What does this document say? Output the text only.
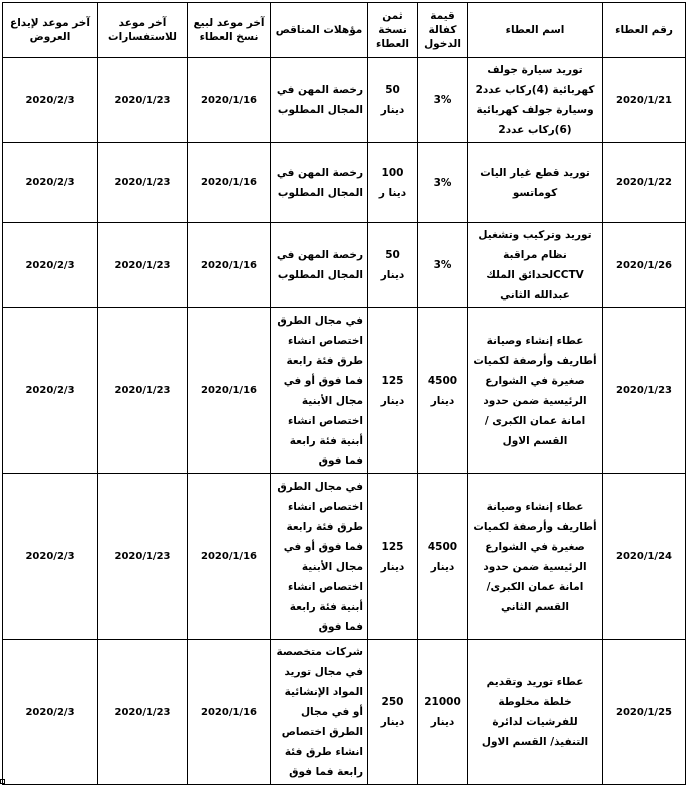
رقم العطاء	اسم العطاء	قيمة كفالة الدخول	ثمن نسخة العطاء	مؤهلات المناقص	آخر موعد لبيع نسخ العطاء	آخر موعد للاستفسارات	آخر موعد لإيداع العروض
2020/1/21	توريد سيارة جولف كهربائية (4)ركاب عدد2 وسيارة جولف كهربائية (6)ركاب عدد2	3%	50 دينار	رخصة المهن في المجال المطلوب	2020/1/16	2020/1/23	2020/2/3
2020/1/22	توريد قطع غيار اليات كوماتسو	3%	100 دينا ر	رخصة المهن في المجال المطلوب	2020/1/16	2020/1/23	2020/2/3
2020/1/26	توريد وتركيب وتشغيل نظام مراقبة CCTVلحدائق الملك عبدالله الثاني	3%	50 دينار	رخصة المهن في المجال المطلوب	2020/1/16	2020/1/23	2020/2/3
2020/1/23	عطاء إنشاء وصيانة أطاريف وأرصفة لكميات صغيرة في الشوارع الرئيسية ضمن حدود امانة عمان الكبرى /القسم الاول	4500 دينار	125 دينار	في مجال الطرق اختصاص انشاء طرق فئة رابعة فما فوق أو في مجال الأبنية اختصاص انشاء أبنية فئة رابعة فما فوق	2020/1/16	2020/1/23	2020/2/3
2020/1/24	عطاء إنشاء وصيانة أطاريف وأرصفة لكميات صغيرة في الشوارع الرئيسية ضمن حدود امانة عمان الكبرى/ القسم الثاني	4500 دينار	125 دينار	في مجال الطرق اختصاص انشاء طرق فئة رابعة فما فوق أو في مجال الأبنية اختصاص انشاء أبنية فئة رابعة فما فوق	2020/1/16	2020/1/23	2020/2/3
2020/1/25	عطاء توريد وتقديم خلطة مخلوطة للفرشيات لدائرة التنفيذ/ القسم الاول	21000 دينار	250 دينار	شركات متخصصة في مجال توريد المواد الإنشائية أو في مجال الطرق اختصاص انشاء طرق فئة رابعة فما فوق	2020/1/16	2020/1/23	2020/2/3
